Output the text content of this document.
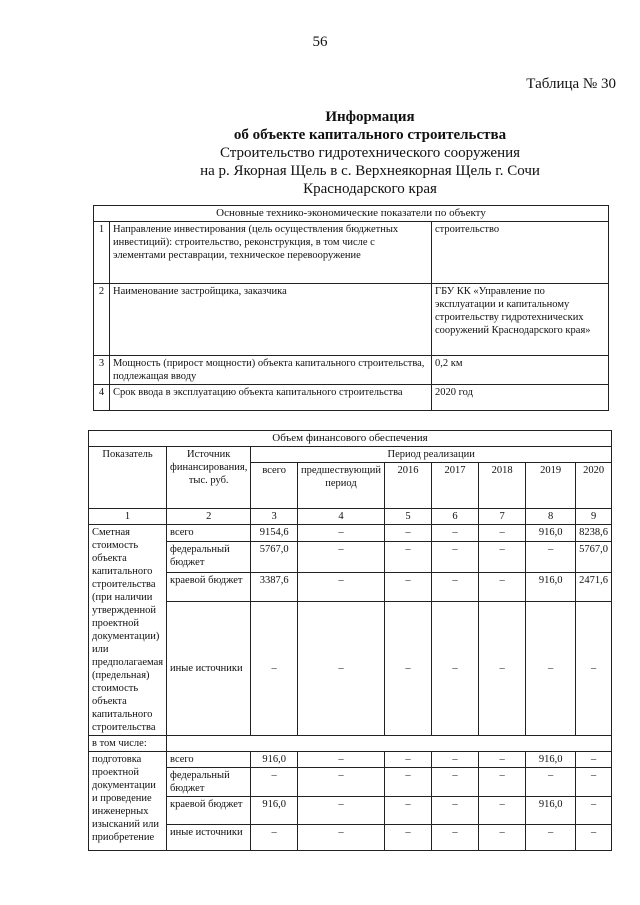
56
Таблица № 30
Информация
об объекте капитального строительства
Строительство гидротехнического сооружения
на р. Якорная Щель в с. Верхнеякорная Щель г. Сочи
Краснодарского края
Основные технико-экономические показатели по объекту		
1	Направление инвестирования (цель осуществления бюджетных инвестиций): строительство, реконструкция, в том числе с элементами реставрации, техническое перевооружение	строительство
2	Наименование застройщика, заказчика	ГБУ КК «Управление по эксплуатации и капитальному строительству гидротехнических сооружений Краснодарского края»
3	Мощность (прирост мощности) объекта капитального строительства, подлежащая вводу	0,2 км
4	Срок ввода в эксплуатацию объекта капитального строительства	2020 год
Объем финансового обеспечения								
Показатель	Источник финансирования, тыс. руб.	Период реализации						
		всего	предшествующий период	2016	2017	2018	2019	2020
1	2	3	4	5	6	7	8	9
Сметная стоимость объекта капитального строительства (при наличии утвержденной проектной документации) или предполагаемая (предельная) стоимость объекта капитального строительства	всего	9154,6	–	–	–	–	916,0	8238,6
	федеральный бюджет	5767,0	–	–	–	–	–	5767,0
	краевой бюджет	3387,6	–	–	–	–	916,0	2471,6
	иные источники	–	–	–	–	–	–	–
в том числе:								
подготовка проектной документации и проведение инженерных изысканий или приобретение	всего	916,0	–	–	–	–	916,0	–
	федеральный бюджет	–	–	–	–	–	–	–
	краевой бюджет	916,0	–	–	–	–	916,0	–
	иные источники	–	–	–	–	–	–	–
